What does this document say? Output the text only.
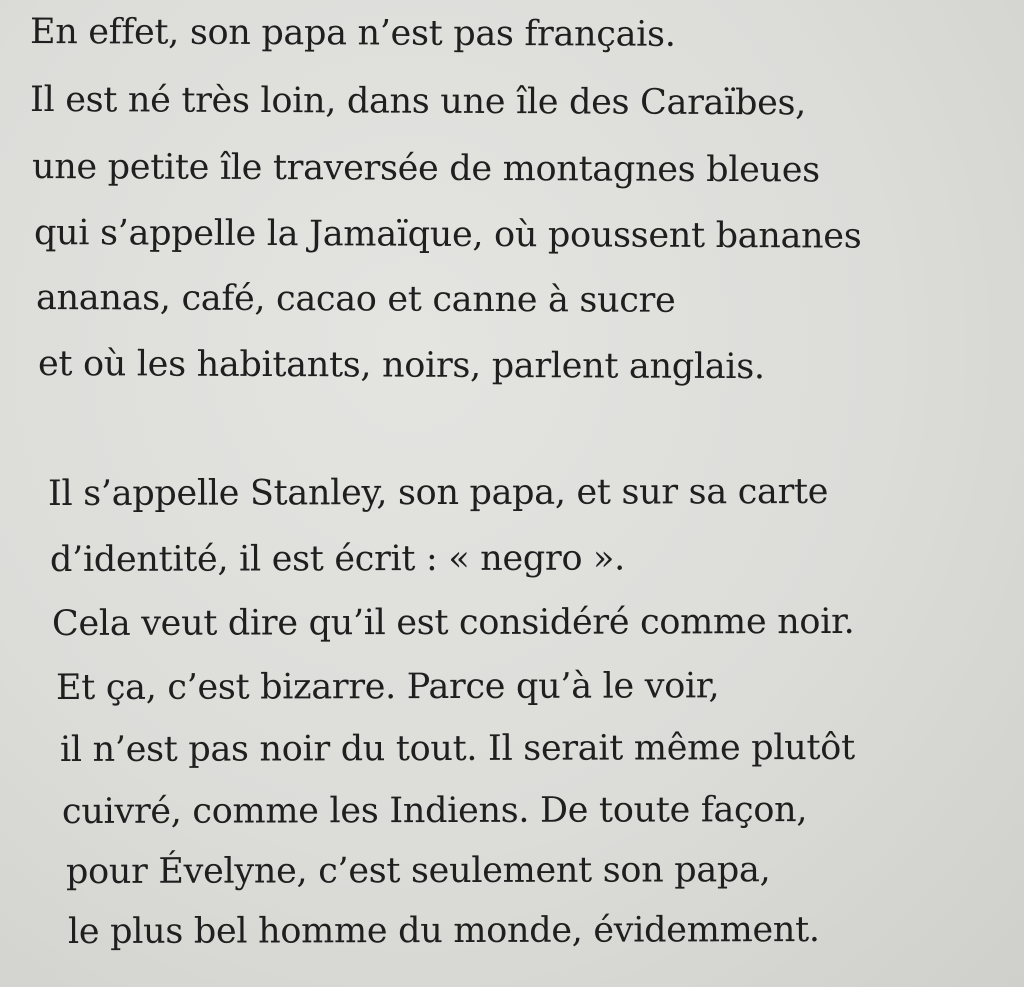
En effet, son papa n’est pas français.
Il est né très loin, dans une île des Caraïbes,
une petite île traversée de montagnes bleues
qui s’appelle la Jamaïque, où poussent bananes
ananas, café, cacao et canne à sucre
et où les habitants, noirs, parlent anglais.
Il s’appelle Stanley, son papa, et sur sa carte
d’identité, il est écrit : « negro ».
Cela veut dire qu’il est considéré comme noir.
Et ça, c’est bizarre. Parce qu’à le voir,
il n’est pas noir du tout. Il serait même plutôt
cuivré, comme les Indiens. De toute façon,
pour Évelyne, c’est seulement son papa,
le plus bel homme du monde, évidemment.
